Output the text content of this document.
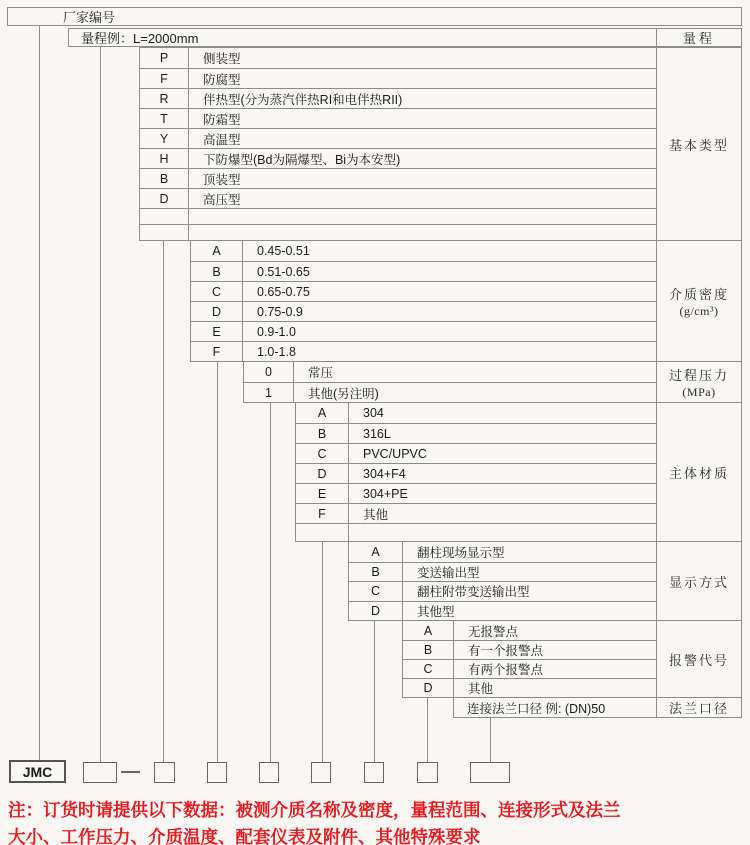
厂家编号
量程例：L=2000mm	量程
P	侧装型
F	防腐型
R	伴热型(分为蒸汽伴热RI和电伴热RII)
T	防霜型
Y	高温型
H	下防爆型(Bd为隔爆型、Bi为本安型)
B	顶装型
D	高压型
基本类型
A	0.45-0.51
B	0.51-0.65
C	0.65-0.75
D	0.75-0.9
E	0.9-1.0
F	1.0-1.8
介质密度
(g/cm³)
0	常压
1	其他(另注明)
过程压力
(MPa)
A	304
B	316L
C	PVC/UPVC
D	304+F4
E	304+PE
F	其他
主体材质
A	翻柱现场显示型
B	变送输出型
C	翻柱附带变送输出型
D	其他型
显示方式
A	无报警点
B	有一个报警点
C	有两个报警点
D	其他
报警代号
连接法兰口径 例: (DN)50	法兰口径
JMC
注：订货时请提供以下数据：被测介质名称及密度，量程范围、连接形式及法兰
大小、工作压力、介质温度、配套仪表及附件、其他特殊要求
